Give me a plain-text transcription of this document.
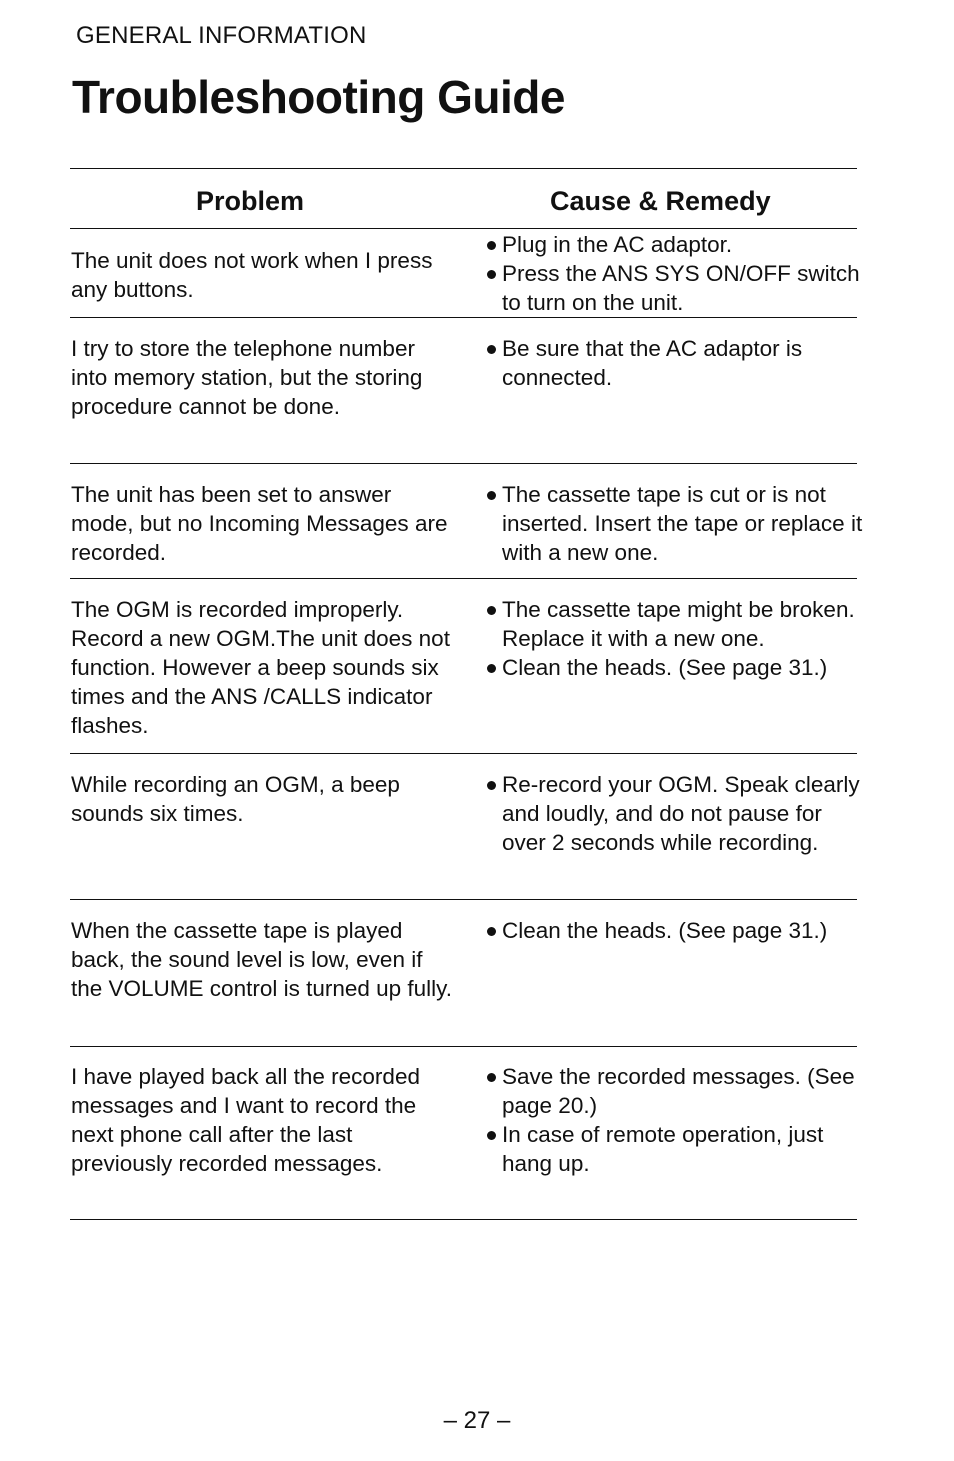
GENERAL INFORMATION
Troubleshooting Guide
Problem	Cause & Remedy
The unit does not work when I press any buttons.
Plug in the AC adaptor.
Press the ANS SYS ON/OFF switch to turn on the unit.
I try to store the telephone number into memory station, but the storing procedure cannot be done.
Be sure that the AC adaptor is connected.
The unit has been set to answer mode, but no Incoming Messages are recorded.
The cassette tape is cut or is not inserted. Insert the tape or replace it with a new one.
The OGM is recorded improperly. Record a new OGM.The unit does not function. However a beep sounds six times and the ANS /CALLS indicator flashes.
The cassette tape might be broken. Replace it with a new one.
Clean the heads. (See page 31.)
While recording an OGM, a beep sounds six times.
Re-record your OGM. Speak clearly and loudly, and do not pause for over 2 seconds while recording.
When the cassette tape is played back, the sound level is low, even if the VOLUME control is turned up fully.
Clean the heads. (See page 31.)
I have played back all the recorded messages and I want to record the next phone call after the last previously recorded messages.
Save the recorded messages. (See page 20.)
In case of remote operation, just hang up.
– 27 –
